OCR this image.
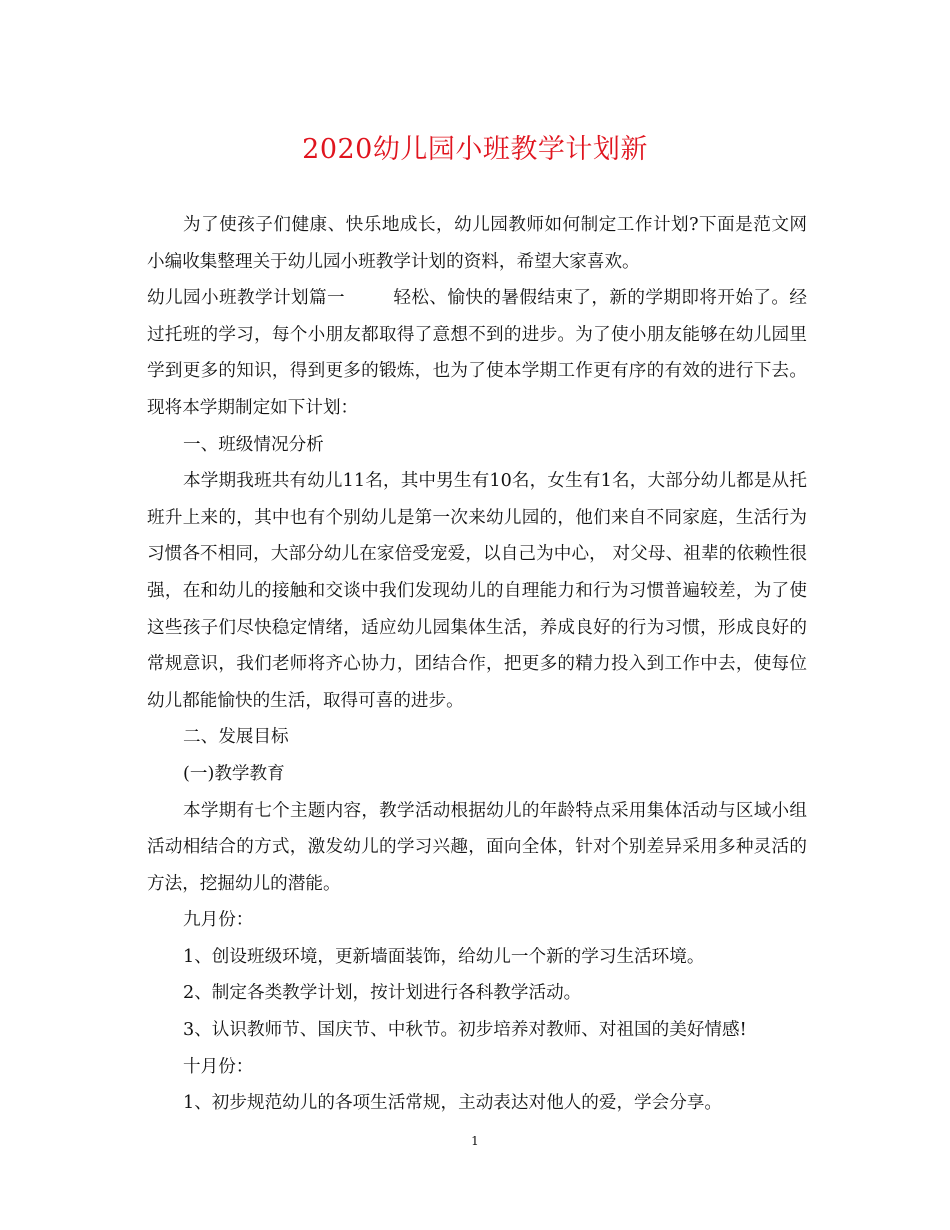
2020幼儿园小班教学计划新

为了使孩子们健康、快乐地成长，幼儿园教师如何制定工作计划?下面是范文网小编收集整理关于幼儿园小班教学计划的资料，希望大家喜欢。

幼儿园小班教学计划篇一	轻松、愉快的暑假结束了，新的学期即将开始了。经过托班的学习，每个小朋友都取得了意想不到的进步。为了使小朋友能够在幼儿园里学到更多的知识，得到更多的锻炼，也为了使本学期工作更有序的有效的进行下去。现将本学期制定如下计划：

一、班级情况分析

本学期我班共有幼儿11名，其中男生有10名，女生有1名，大部分幼儿都是从托班升上来的，其中也有个别幼儿是第一次来幼儿园的，他们来自不同家庭，生活行为习惯各不相同，大部分幼儿在家倍受宠爱，以自己为中心， 对父母、祖辈的依赖性很强，在和幼儿的接触和交谈中我们发现幼儿的自理能力和行为习惯普遍较差，为了使这些孩子们尽快稳定情绪，适应幼儿园集体生活，养成良好的行为习惯，形成良好的常规意识，我们老师将齐心协力，团结合作，把更多的精力投入到工作中去，使每位幼儿都能愉快的生活，取得可喜的进步。

二、发展目标

(一)教学教育

本学期有七个主题内容，教学活动根据幼儿的年龄特点采用集体活动与区域小组活动相结合的方式，激发幼儿的学习兴趣，面向全体，针对个别差异采用多种灵活的方法，挖掘幼儿的潜能。

九月份：

1、创设班级环境，更新墙面装饰，给幼儿一个新的学习生活环境。

2、制定各类教学计划，按计划进行各科教学活动。

3、认识教师节、国庆节、中秋节。初步培养对教师、对祖国的美好情感!

十月份：

1、初步规范幼儿的各项生活常规，主动表达对他人的爱，学会分享。

1
